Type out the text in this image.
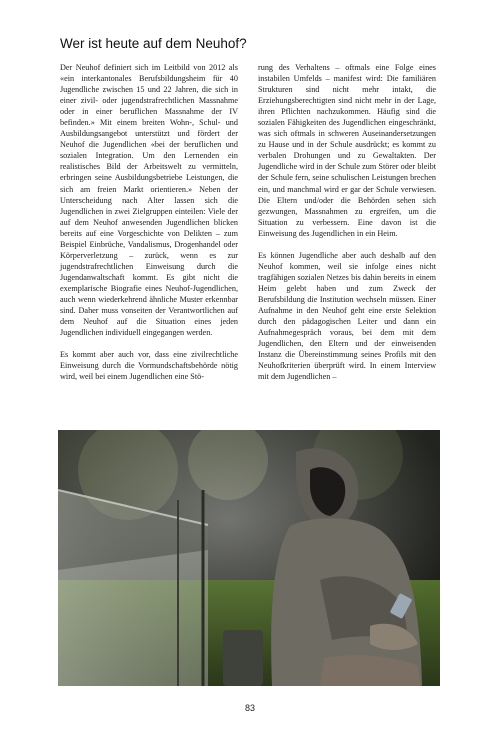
Wer ist heute auf dem Neuhof?

Der Neuhof definiert sich im Leitbild von 2012 als «ein interkantonales Berufsbildungsheim für 40 Jugendliche zwischen 15 und 22 Jahren, die sich in einer zivil- oder jugendstrafrechtlichen Massnahme oder in einer beruflichen Massnahme der IV befinden.» Mit einem breiten Wohn-, Schul- und Ausbildungsangebot unterstützt und fördert der Neuhof die Jugendlichen «bei der beruflichen und sozialen Integration. Um den Lernenden ein realistisches Bild der Arbeitswelt zu vermitteln, erbringen seine Ausbildungsbetriebe Leistungen, die sich am freien Markt orientieren.» Neben der Unterscheidung nach Alter lassen sich die Jugendlichen in zwei Zielgruppen einteilen: Viele der auf dem Neuhof anwesenden Jugendlichen blicken bereits auf eine Vorgeschichte von Delikten – zum Beispiel Einbrüche, Vandalismus, Drogenhandel oder Körperverletzung – zurück, wenn es zur jugendstrafrechtlichen Einweisung durch die Jugendanwaltschaft kommt. Es gibt nicht die exemplarische Biografie eines Neuhof-Jugendlichen, auch wenn wiederkehrend ähnliche Muster erkennbar sind. Daher muss vonseiten der Verantwortlichen auf dem Neuhof auf die Situation eines jeden Jugendlichen individuell eingegangen werden.

Es kommt aber auch vor, dass eine zivilrechtliche Einweisung durch die Vormundschaftsbehörde nötig wird, weil bei einem Jugendlichen eine Stö-

rung des Verhaltens – oftmals eine Folge eines instabilen Umfelds – manifest wird: Die familiären Strukturen sind nicht mehr intakt, die Erziehungsberechtigten sind nicht mehr in der Lage, ihren Pflichten nachzukommen. Häufig sind die sozialen Fähigkeiten des Jugendlichen eingeschränkt, was sich oftmals in schweren Auseinandersetzungen zu Hause und in der Schule ausdrückt; es kommt zu verbalen Drohungen und zu Gewaltakten. Der Jugendliche wird in der Schule zum Störer oder bleibt der Schule fern, seine schulischen Leistungen brechen ein, und manchmal wird er gar der Schule verwiesen. Die Eltern und/oder die Behörden sehen sich gezwungen, Massnahmen zu ergreifen, um die Situation zu verbessern. Eine davon ist die Einweisung des Jugendlichen in ein Heim.

Es können Jugendliche aber auch deshalb auf den Neuhof kommen, weil sie infolge eines nicht tragfähigen sozialen Netzes bis dahin bereits in einem Heim gelebt haben und zum Zweck der Berufsbildung die Institution wechseln müssen. Einer Aufnahme in den Neuhof geht eine erste Selektion durch den pädagogischen Leiter und dann ein Aufnahmegespräch voraus, bei dem mit dem Jugendlichen, den Eltern und der einweisenden Instanz die Übereinstimmung seines Profils mit den Neuhofkriterien überprüft wird. In einem Interview mit dem Jugendlichen –

83
